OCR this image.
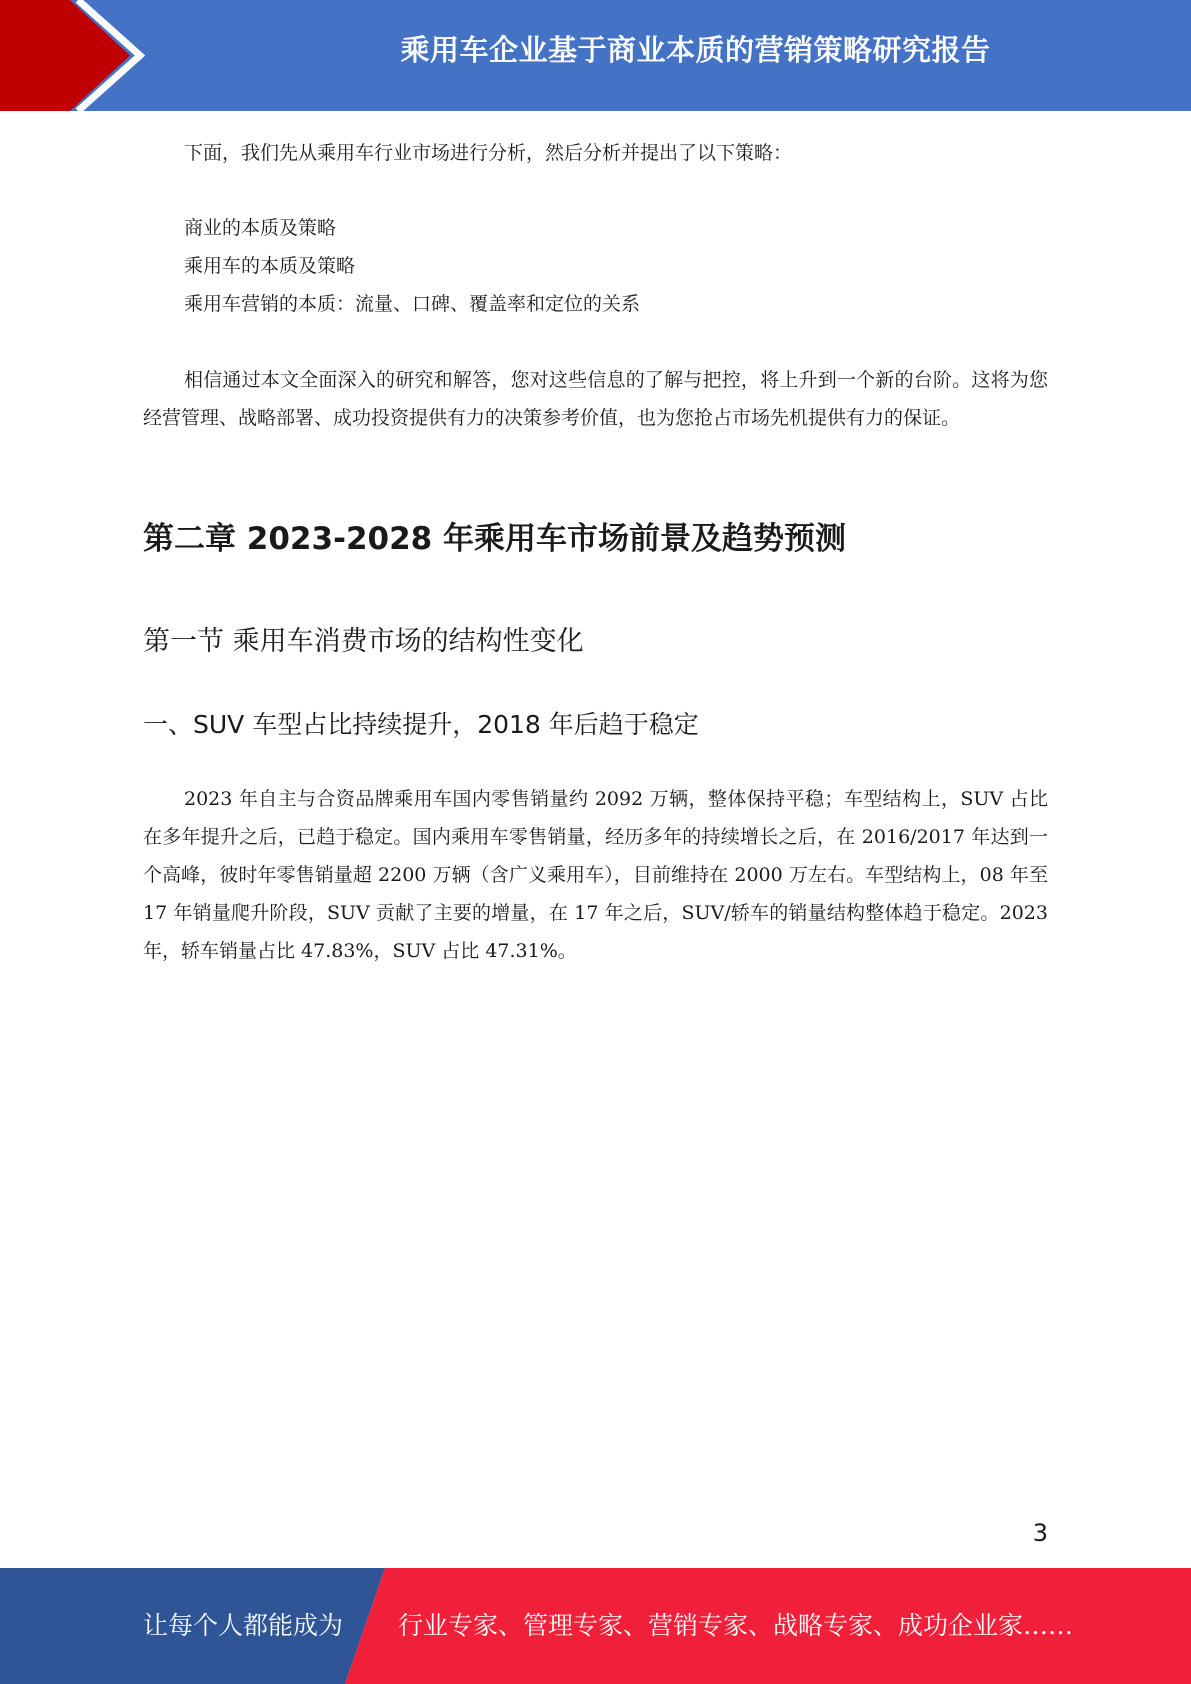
乘用车企业基于商业本质的营销策略研究报告

下面，我们先从乘用车行业市场进行分析，然后分析并提出了以下策略：

商业的本质及策略

乘用车的本质及策略

乘用车营销的本质：流量、口碑、覆盖率和定位的关系

相信通过本文全面深入的研究和解答，您对这些信息的了解与把控，将上升到一个新的台阶。这将为您经营管理、战略部署、成功投资提供有力的决策参考价值，也为您抢占市场先机提供有力的保证。

第二章 2023-2028 年乘用车市场前景及趋势预测
第一节 乘用车消费市场的结构性变化
一、SUV 车型占比持续提升，2018 年后趋于稳定

2023 年自主与合资品牌乘用车国内零售销量约 2092 万辆，整体保持平稳；车型结构上，SUV 占比在多年提升之后，已趋于稳定。国内乘用车零售销量，经历多年的持续增长之后，在 2016/2017 年达到一个高峰，彼时年零售销量超 2200 万辆（含广义乘用车），目前维持在 2000 万左右。车型结构上，08 年至 17 年销量爬升阶段，SUV 贡献了主要的增量，在 17 年之后，SUV/轿车的销量结构整体趋于稳定。2023 年，轿车销量占比 47.83%，SUV 占比 47.31%。

3
让每个人都能成为 行业专家、管理专家、营销专家、战略专家、成功企业家……
